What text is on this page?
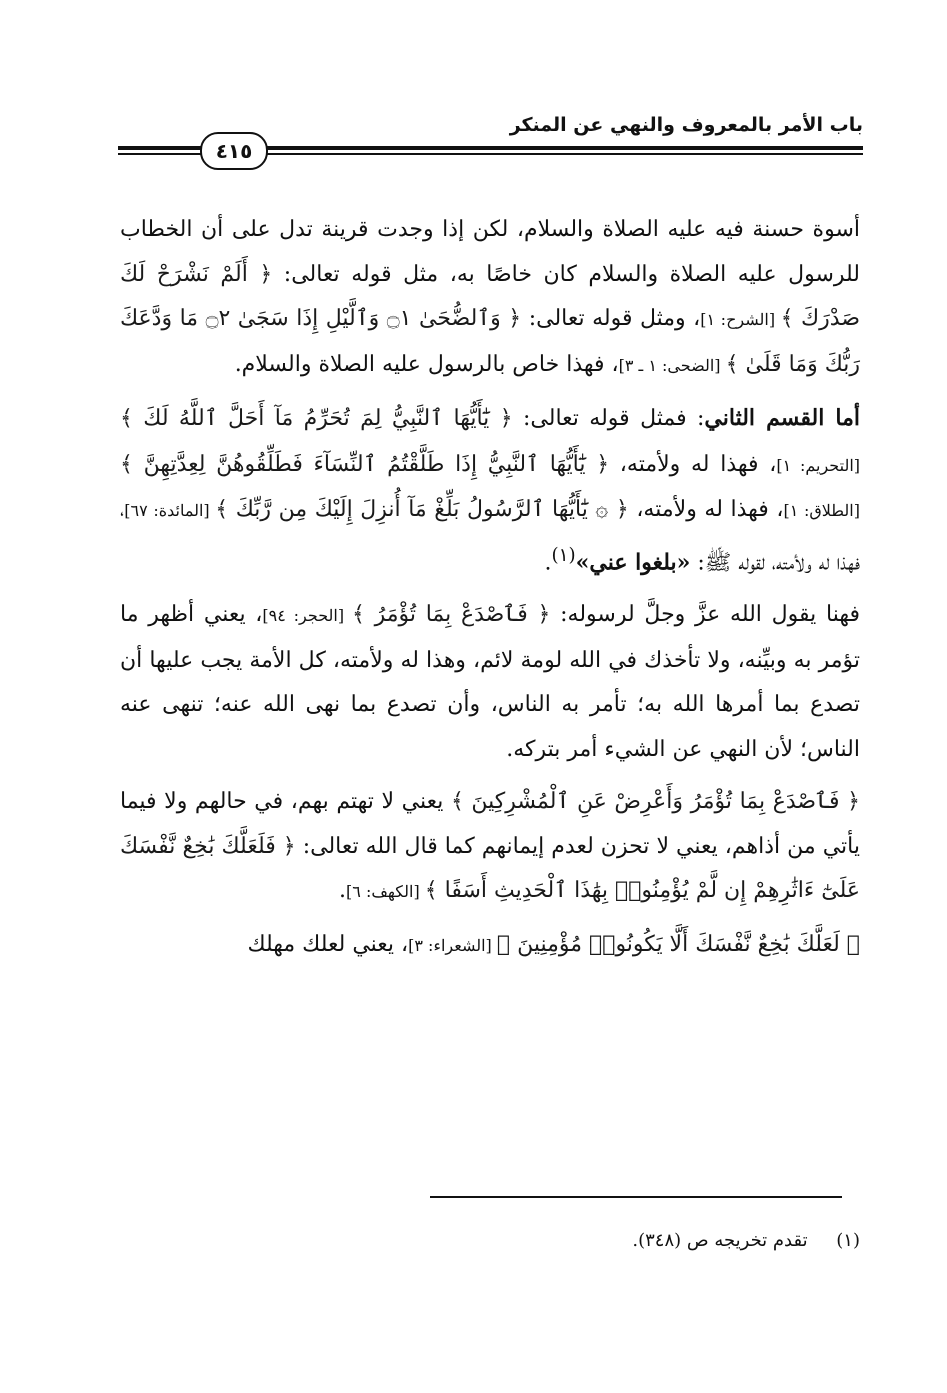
باب الأمر بالمعروف والنهي عن المنكر
٤١٥

أسوة حسنة فيه عليه الصلاة والسلام، لكن إذا وجدت قرينة تدل على أن الخطاب للرسول عليه الصلاة والسلام كان خاصًا به، مثل قوله تعالى: ﴿ أَلَمْ نَشْرَحْ لَكَ صَدْرَكَ ﴾ [الشرح: ١]، ومثل قوله تعالى: ﴿ وَٱلضُّحَىٰ ۝١ وَٱلَّيْلِ إِذَا سَجَىٰ ۝٢ مَا وَدَّعَكَ رَبُّكَ وَمَا قَلَىٰ ﴾ [الضحى: ١ ـ ٣]، فهذا خاص بالرسول عليه الصلاة والسلام.

أما القسم الثاني: فمثل قوله تعالى: ﴿ يَٰٓأَيُّهَا ٱلنَّبِيُّ لِمَ تُحَرِّمُ مَآ أَحَلَّ ٱللَّهُ لَكَ ﴾ [التحريم: ١]، فهذا له ولأمته، ﴿ يَٰٓأَيُّهَا ٱلنَّبِيُّ إِذَا طَلَّقْتُمُ ٱلنِّسَآءَ فَطَلِّقُوهُنَّ لِعِدَّتِهِنَّ ﴾ [الطلاق: ١]، فهذا له ولأمته، ﴿ ۞ يَٰٓأَيُّهَا ٱلرَّسُولُ بَلِّغْ مَآ أُنزِلَ إِلَيْكَ مِن رَّبِّكَ ﴾ [المائدة: ٦٧]، فهذا له ولأمته، لقوله ﷺ: «بلغوا عني»$^{(١)}$.

فهنا يقول الله عزَّ وجلَّ لرسوله: ﴿ فَٱصْدَعْ بِمَا تُؤْمَرُ ﴾ [الحجر: ٩٤]، يعني أظهر ما تؤمر به وبيِّنه، ولا تأخذك في الله لومة لائم، وهذا له ولأمته، كل الأمة يجب عليها أن تصدع بما أمرها الله به؛ تأمر به الناس، وأن تصدع بما نهى الله عنه؛ تنهى عنه الناس؛ لأن النهي عن الشيء أمر بتركه.

﴿ فَٱصْدَعْ بِمَا تُؤْمَرُ وَأَعْرِضْ عَنِ ٱلْمُشْرِكِينَ ﴾ يعني لا تهتم بهم، في حالهم ولا فيما يأتي من أذاهم، يعني لا تحزن لعدم إيمانهم كما قال الله تعالى: ﴿ فَلَعَلَّكَ بَٰخِعٌ نَّفْسَكَ عَلَىٰٓ ءَاثَٰرِهِمْ إِن لَّمْ يُؤْمِنُوا۟ بِهَٰذَا ٱلْحَدِيثِ أَسَفًا ﴾ [الكهف: ٦].

﴿ لَعَلَّكَ بَٰخِعٌ نَّفْسَكَ أَلَّا يَكُونُوا۟ مُؤْمِنِينَ ﴾ [الشعراء: ٣]، يعني لعلك مهلك

(١)     تقدم تخريجه ص (٣٤٨).
